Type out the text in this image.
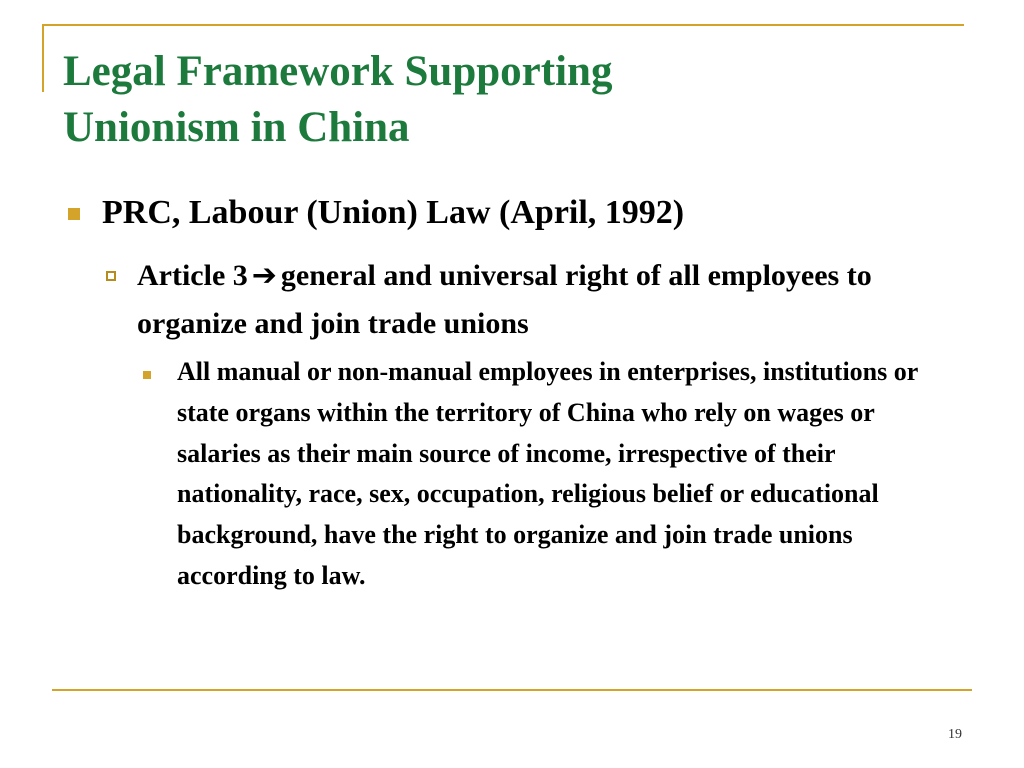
Legal Framework Supporting
Unionism in China
PRC, Labour (Union) Law (April, 1992)
Article 3 ➔ general and universal right of all employees to organize and join trade unions
All manual or non-manual employees in enterprises, institutions or state organs within the territory of China who rely on wages or salaries as their main source of income, irrespective of their nationality, race, sex, occupation, religious belief or educational background, have the right to organize and join trade unions according to law.
19
